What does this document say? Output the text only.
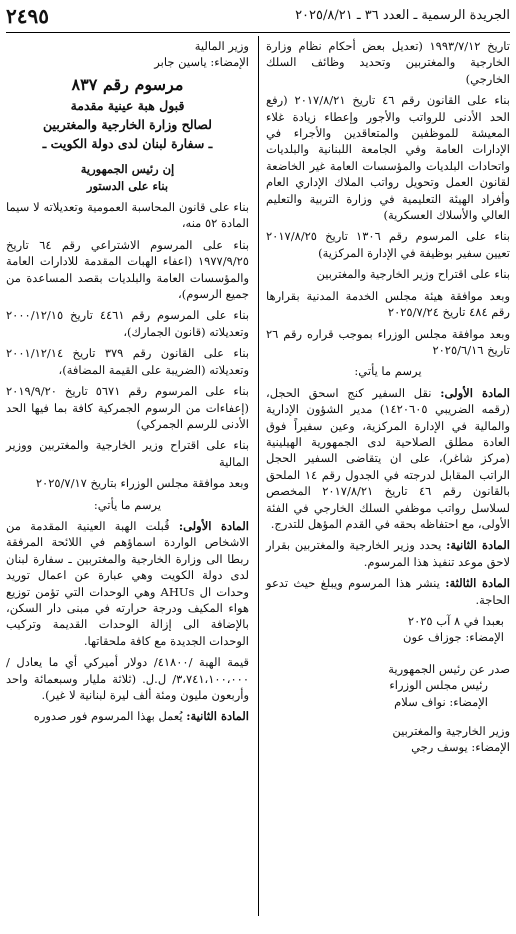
الجريدة الرسمية ـ العدد ٣٦ ـ ٢٠٢٥/٨/٢١
٢٤٩٥

تاريخ ١٩٩٣/٧/١٢ (تعديل بعض أحكام نظام وزارة الخارجية والمغتربين وتحديد وظائف السلك الخارجي)

بناء على القانون رقم ٤٦ تاريخ ٢٠١٧/٨/٢١ (رفع الحد الأدنى للرواتب والأجور وإعطاء زيادة غلاء المعيشة للموظفين والمتعاقدين والأجراء في الإدارات العامة وفي الجامعة اللبنانية والبلديات واتحادات البلديات والمؤسسات العامة غير الخاضعة لقانون العمل وتحويل رواتب الملاك الإداري العام وأفراد الهيئة التعليمية في وزارة التربية والتعليم العالي والأسلاك العسكرية)

بناء على المرسوم رقم ١٣٠٦ تاريخ ٢٠١٧/٨/٢٥ تعيين سفير بوظيفة في الإدارة المركزية)

بناء على اقتراح وزير الخارجية والمغتربين

وبعد موافقة هيئة مجلس الخدمة المدنية بقرارها رقم ٤٨٤ تاريخ ٢٠٢٥/٧/٢٤

وبعد موافقة مجلس الوزراء بموجب قراره رقم ٢٦ تاريخ ٢٠٢٥/٦/١٦

يرسم ما يأتي:

المادة الأولى: نقل السفير كنج اسحق الحجل، (رقمه الضريبي ١٤٢٠٦٠٥) مدير الشؤون الإدارية والمالية في الإدارة المركزية، وعين سفيراً فوق العادة مطلق الصلاحية لدى الجمهورية الهيلينية (مركز شاغر)، على ان يتقاضى السفير الحجل الراتب المقابل لدرجته في الجدول رقم ١٤ الملحق بالقانون رقم ٤٦ تاريخ ٢٠١٧/٨/٢١ المخصص لسلاسل رواتب موظفي السلك الخارجي في الفئة الأولى، مع احتفاظه بحقه في القدم المؤهل للتدرج.

المادة الثانية: يحدد وزير الخارجية والمغتربين بقرار لاحق موعد تنفيذ هذا المرسوم.

المادة الثالثة: ينشر هذا المرسوم ويبلغ حيث تدعو الحاجة.

بعبدا في ٨ آب ٢٠٢٥

الإمضاء: جوزاف عون

صدر عن رئيس الجمهورية

رئيس مجلس الوزراء

الإمضاء: نواف سلام

وزير الخارجية والمغتربين

الإمضاء: يوسف رجي

وزير المالية

الإمضاء: ياسين جابر

مرسوم رقم ٨٣٧

قبول هبة عينية مقدمة

لصالح وزارة الخارجية والمغتربين

ـ سفارة لبنان لدى دولة الكويت ـ

إن رئيس الجمهورية

بناء على الدستور

بناء على قانون المحاسبة العمومية وتعديلاته لا سيما المادة ٥٢ منه،

بناء على المرسوم الاشتراعي رقم ٦٤ تاريخ ١٩٧٧/٩/٢٥ (اعفاء الهبات المقدمة للادارات العامة والمؤسسات العامة والبلديات بقصد المساعدة من جميع الرسوم)،

بناء على المرسوم رقم ٤٤٦١ تاريخ ٢٠٠٠/١٢/١٥ وتعديلاته (قانون الجمارك)،

بناء على القانون رقم ٣٧٩ تاريخ ٢٠٠١/١٢/١٤ وتعديلاته (الضريبة على القيمة المضافة)،

بناء على المرسوم رقم ٥٦٧١ تاريخ ٢٠١٩/٩/٢٠ (إعفاءات من الرسوم الجمركية كافة بما فيها الحد الأدنى للرسم الجمركي)

بناء على اقتراح وزير الخارجية والمغتربين ووزير المالية

وبعد موافقة مجلس الوزراء بتاريخ ٢٠٢٥/٧/١٧

يرسم ما يأتي:

المادة الأولى: قُبلت الهبة العينية المقدمة من الاشخاص الواردة اسماؤهم في اللائحة المرفقة ربطا الى وزارة الخارجية والمغتربين ـ سفارة لبنان لدى دولة الكويت وهي عبارة عن اعمال توريد وحدات ال AHUs وهي الوحدات التي تؤمن توزيع هواء المكيف ودرجة حرارته في مبنى دار السكن، بالإضافة الى إزالة الوحدات القديمة وتركيب الوحدات الجديدة مع كافة ملحقاتها.

قيمة الهبة /٤١٨٠٠/ دولار أميركي أي ما يعادل /٣،٧٤١،١٠٠،٠٠٠/ ل.ل. (ثلاثة مليار وسبعمائة واحد وأربعون مليون ومئة ألف ليرة لبنانية لا غير).

المادة الثانية: يُعمل بهذا المرسوم فور صدوره
